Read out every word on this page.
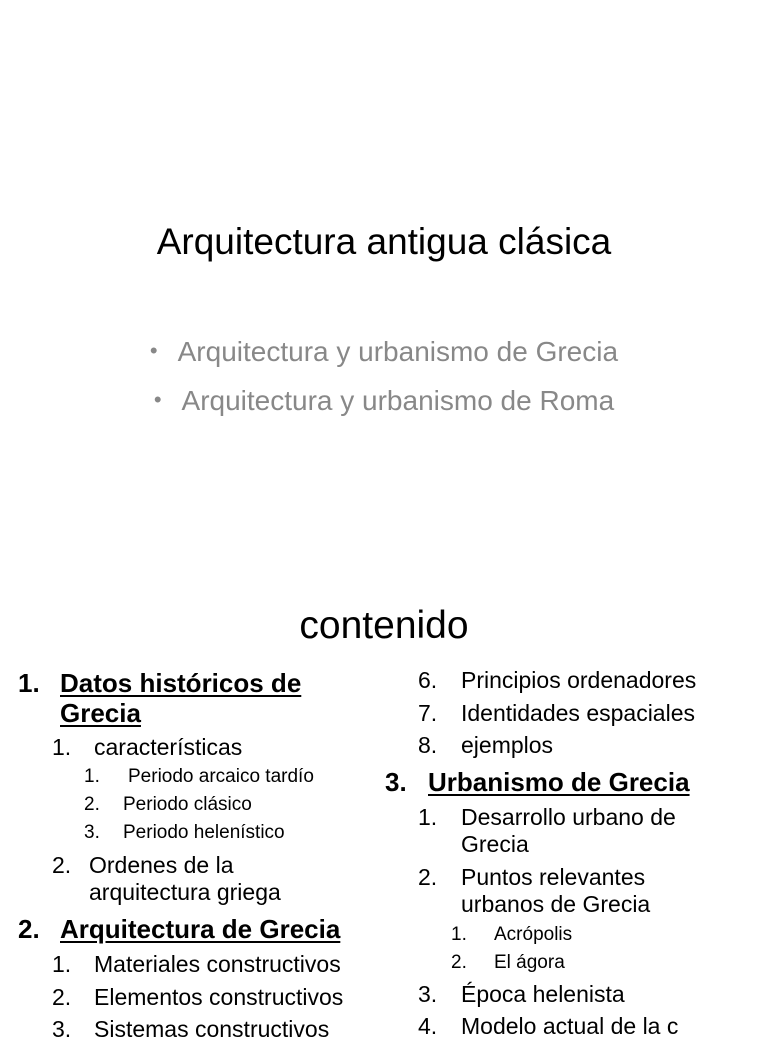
Arquitectura antigua clásica
• Arquitectura y urbanismo de Grecia
• Arquitectura y urbanismo de Roma
contenido
1. Datos históricos de
Grecia
1. características
1. Periodo arcaico tardío
2. Periodo clásico
3. Periodo helenístico
2. Ordenes de la
arquitectura griega
2. Arquitectura de Grecia
1. Materiales constructivos
2. Elementos constructivos
3. Sistemas constructivos
6. Principios ordenadores
7. Identidades espaciales
8. ejemplos
3. Urbanismo de Grecia
1. Desarrollo urbano de
Grecia
2. Puntos relevantes
urbanos de Grecia
1. Acrópolis
2. El ágora
3. Época helenista
4. Modelo actual de la c
